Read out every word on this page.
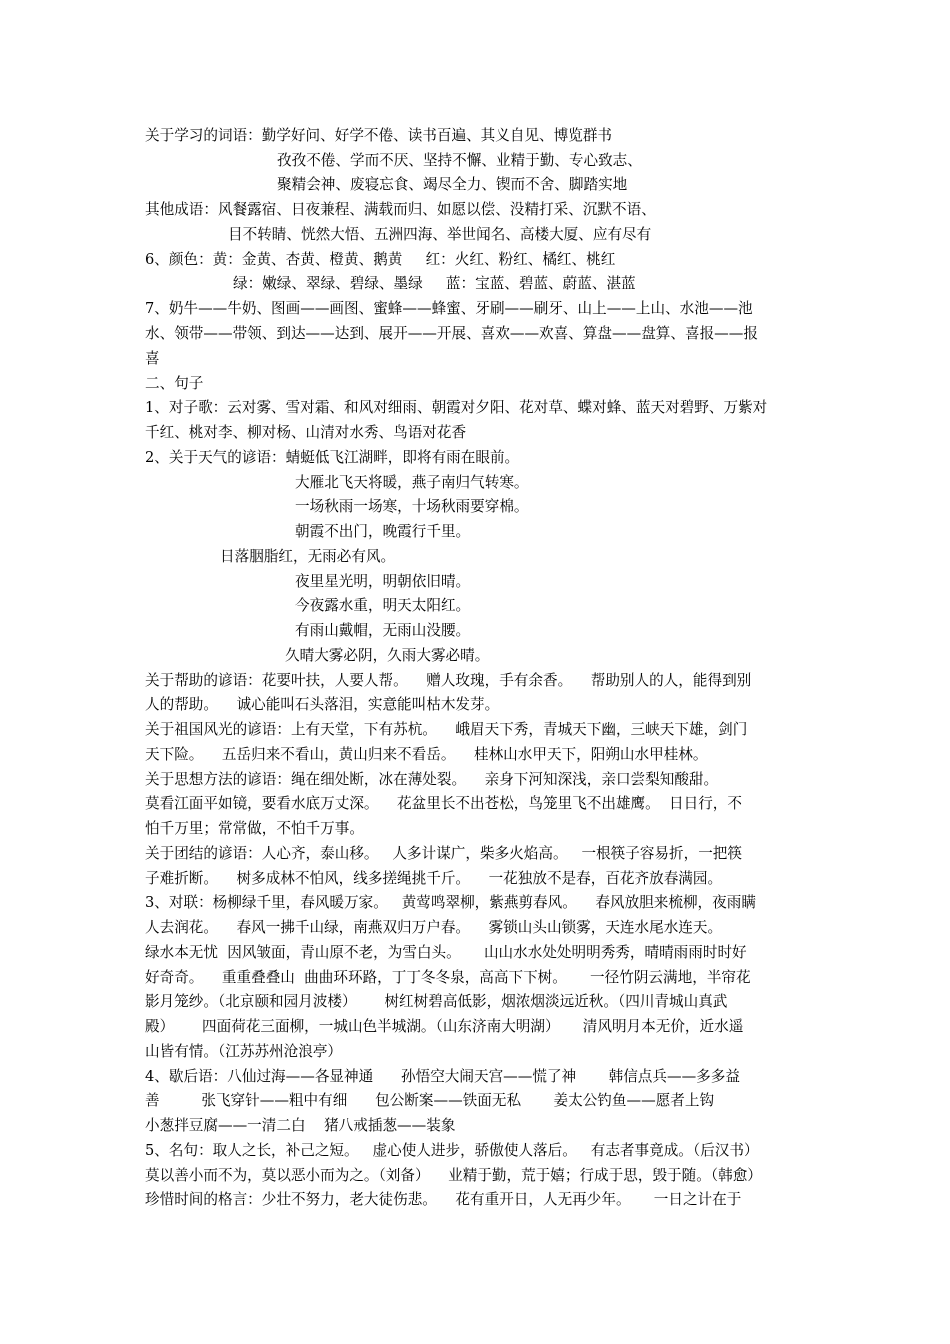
关于学习的词语：勤学好问、好学不倦、读书百遍、其义自见、博览群书
孜孜不倦、学而不厌、坚持不懈、业精于勤、专心致志、
聚精会神、废寝忘食、竭尽全力、锲而不舍、脚踏实地
其他成语：风餐露宿、日夜兼程、满载而归、如愿以偿、没精打采、沉默不语、
目不转睛、恍然大悟、五洲四海、举世闻名、高楼大厦、应有尽有
6、颜色：黄：金黄、杏黄、橙黄、鹅黄     红：火红、粉红、橘红、桃红
绿：嫩绿、翠绿、碧绿、墨绿     蓝：宝蓝、碧蓝、蔚蓝、湛蓝
7、奶牛——牛奶、图画——画图、蜜蜂——蜂蜜、牙刷——刷牙、山上——上山、水池——池
水、领带——带领、到达——达到、展开——开展、喜欢——欢喜、算盘——盘算、喜报——报
喜
二、句子
1、对子歌：云对雾、雪对霜、和风对细雨、朝霞对夕阳、花对草、蝶对蜂、蓝天对碧野、万紫对
千红、桃对李、柳对杨、山清对水秀、鸟语对花香
2、关于天气的谚语：蜻蜓低飞江湖畔，即将有雨在眼前。
大雁北飞天将暖，燕子南归气转寒。
一场秋雨一场寒，十场秋雨要穿棉。
朝霞不出门，晚霞行千里。
日落胭脂红，无雨必有风。
夜里星光明，明朝依旧晴。
今夜露水重，明天太阳红。
有雨山戴帽，无雨山没腰。
久晴大雾必阴，久雨大雾必晴。
关于帮助的谚语：花要叶扶，人要人帮。    赠人玫瑰，手有余香。    帮助别人的人，能得到别
人的帮助。    诚心能叫石头落泪，实意能叫枯木发芽。
关于祖国风光的谚语：上有天堂，下有苏杭。    峨眉天下秀，青城天下幽，三峡天下雄，剑门
天下险。    五岳归来不看山，黄山归来不看岳。    桂林山水甲天下，阳朔山水甲桂林。
关于思想方法的谚语：绳在细处断，冰在薄处裂。    亲身下河知深浅，亲口尝梨知酸甜。
莫看江面平如镜，要看水底万丈深。    花盆里长不出苍松，鸟笼里飞不出雄鹰。  日日行，不
怕千万里；常常做，不怕千万事。
关于团结的谚语：人心齐，泰山移。   人多计谋广，柴多火焰高。   一根筷子容易折，一把筷
子难折断。    树多成林不怕风，线多搓绳挑千斤。    一花独放不是春，百花齐放春满园。
3、对联：杨柳绿千里，春风暖万家。   黄莺鸣翠柳，紫燕剪春风。    春风放胆来梳柳，夜雨瞒
人去润花。    春风一拂千山绿，南燕双归万户春。    雾锁山头山锁雾，天连水尾水连天。
绿水本无忧  因风皱面，青山原不老，为雪白头。     山山水水处处明明秀秀，晴晴雨雨时时好
好奇奇。    重重叠叠山  曲曲环环路，丁丁冬冬泉，高高下下树。     一径竹阴云满地，半帘花
影月笼纱。（北京颐和园月波楼）      树红树碧高低影，烟浓烟淡远近秋。（四川青城山真武
殿）      四面荷花三面柳，一城山色半城湖。（山东济南大明湖）     清风明月本无价，近水遥
山皆有情。（江苏苏州沧浪亭）
4、歇后语：八仙过海——各显神通      孙悟空大闹天宫——慌了神       韩信点兵——多多益
善         张飞穿针——粗中有细      包公断案——铁面无私       姜太公钓鱼——愿者上钩
小葱拌豆腐——一清二白    猪八戒插葱——装象
5、名句：取人之长，补己之短。   虚心使人进步，骄傲使人落后。   有志者事竟成。（后汉书）
莫以善小而不为，莫以恶小而为之。（刘备）    业精于勤，荒于嬉；行成于思，毁于随。（韩愈）
珍惜时间的格言：少壮不努力，老大徒伤悲。    花有重开日，人无再少年。     一日之计在于
